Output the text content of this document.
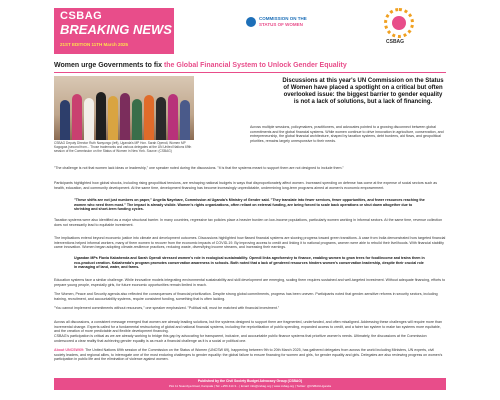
CSBAG
BREAKING NEWS
21ST EDITION 11TH March 2025
COMMISSION ON THE
STATUS OF WOMEN
CSBAG
Women urge Governments to fix the Global Financial System to Unlock Gender Equality
CSBAG Deputy Director Ruth Nanyongo (left), Uganda's MP Hon. Sarah Opendi, Women MP Kagogwa (second from... Those trademarks and various delegates at the UN United Nations 69th session of the Commission on the Status of Women in New York. Source: (CSBAG)
Discussions at this year's UN Commission on the Status of Women have placed a spotlight on a critical but often overlooked issue: the biggest barrier to gender equality is not a lack of solutions, but a lack of financing.
Across multiple sessions, policymakers, practitioners, and advocates pointed to a growing disconnect between global commitments and the global financial systems. While women continue to drive innovation in agriculture, conservation, and entrepreneurship, the global financial architecture, shaped by taxation systems, debt burdens, aid flows, and geopolitical priorities, remains largely unresponsive to their needs.
"The challenge is not that women lack ideas or leadership," one speaker noted during the discussions. "It is that the systems meant to support them are not designed to include them."
Participants highlighted how global shocks, including rising geopolitical tensions, are reshaping national budgets in ways that disproportionately affect women. Increased spending on defense has come at the expense of social sectors such as health, education, and community development. At the same time, development financing has become increasingly unpredictable, undermining long-term programs aimed at women's economic empowerment.
"These shifts are not just numbers on paper," Angelia Nayebare, Commission at Uganda's Ministry of Gender said. "They translate into fewer services, fewer opportunities, and fewer resources reaching the women who need them most." The impact is already visible. Women's rights organizations, often reliant on external funding, are being forced to scale back operations or shut down altogether due to shrinking and short-term funding cycles.
Taxation systems were also identified as a major structural barrier. In many countries, regressive tax policies place a heavier burden on low-income populations, particularly women working in informal sectors. At the same time, revenue collection does not necessarily lead to equitable investment.
The implications extend beyond economic justice into climate and development outcomes. Discussions highlighted how flawed financial systems are slowing progress toward green transitions. A case from India demonstrated how targeted financial interventions helped informal workers, many of them women to recover from the economic impacts of COVID-19. By improving access to credit and linking it to national programs, women were able to rebuild their livelihoods. With financial stability came innovation. Women began adopting climate-resilience practices, reducing waste, diversifying income streams, and increasing their earnings.
Ugandan MPs Flavia Kabahenda and Sarah Opendi stressed women's role in ecological sustainability. Opendi links agroforestry to finance, enabling women to grow trees for food/income and trains them in eco-product creation. Kabahenda's program promotes conservation awareness in schools. Both noted that a lack of gendered resources hinders women's conservation leadership, despite their crucial role in managing of land, water, and farms.
Education systems face a similar challenge. While innovative models integrating environmental sustainability and skill development are emerging, scaling them requires sustained and well-targeted investment. Without adequate financing, efforts to prepare young people, especially girls, for future economic opportunities remain limited in reach.
The Women, Peace and Security agenda also reflected the consequences of financial prioritization. Despite strong global commitments, progress has been uneven. Participants noted that gender-sensitive reforms in security sectors, including training, recruitment, and accountability systems, require consistent funding, something that is often lacking.
"You cannot implement commitments without resources," one speaker emphasized. "Political will, must be matched with financial investment."
Across all discussions, a consistent message emerged that women are already leading solutions, but the systems designed to support them are fragmented, underfunded, and often misaligned. Addressing these challenges will require more than incremental change. Experts called for a fundamental restructuring of global and national financial systems, including the reprioritization of public spending, expanded access to credit, and a fairer tax system to make tax systems more equitable, and the creation of more predictable and flexible development financing.
CSBAG's participation is critical as we are already working to bridge this gap by advocating for transparent, inclusive, and accountable public finance systems that prioritize women's needs. Ultimately, the discussions at the Commission underscored a clear reality that achieving gender equality is as much a financial challenge as it is a social or political one.
About UNCSW69: The United Nations 69th session of the Commission on the Status of Women (UNCSW 69), happening between 9th to 20th March 2025, has gathered delegates from across the world including Ministers, UN experts, civil society leaders, and regional allies, to interrogate one of the most enduring challenges to gender equality: the global failure to ensure financing for women and girls, for gender equality and girls. Delegates are also reviewing progress on women's participation in public life and the elimination of violence against women.
Published by the Civil Society Budget Advocacy Group (CSBAG)
Plot 11 Nsambya Road, Kampala | Tel: +256 414 3... | Email: info@csbag.org | www.csbag.org | Twitter: @CSBAGUganda
